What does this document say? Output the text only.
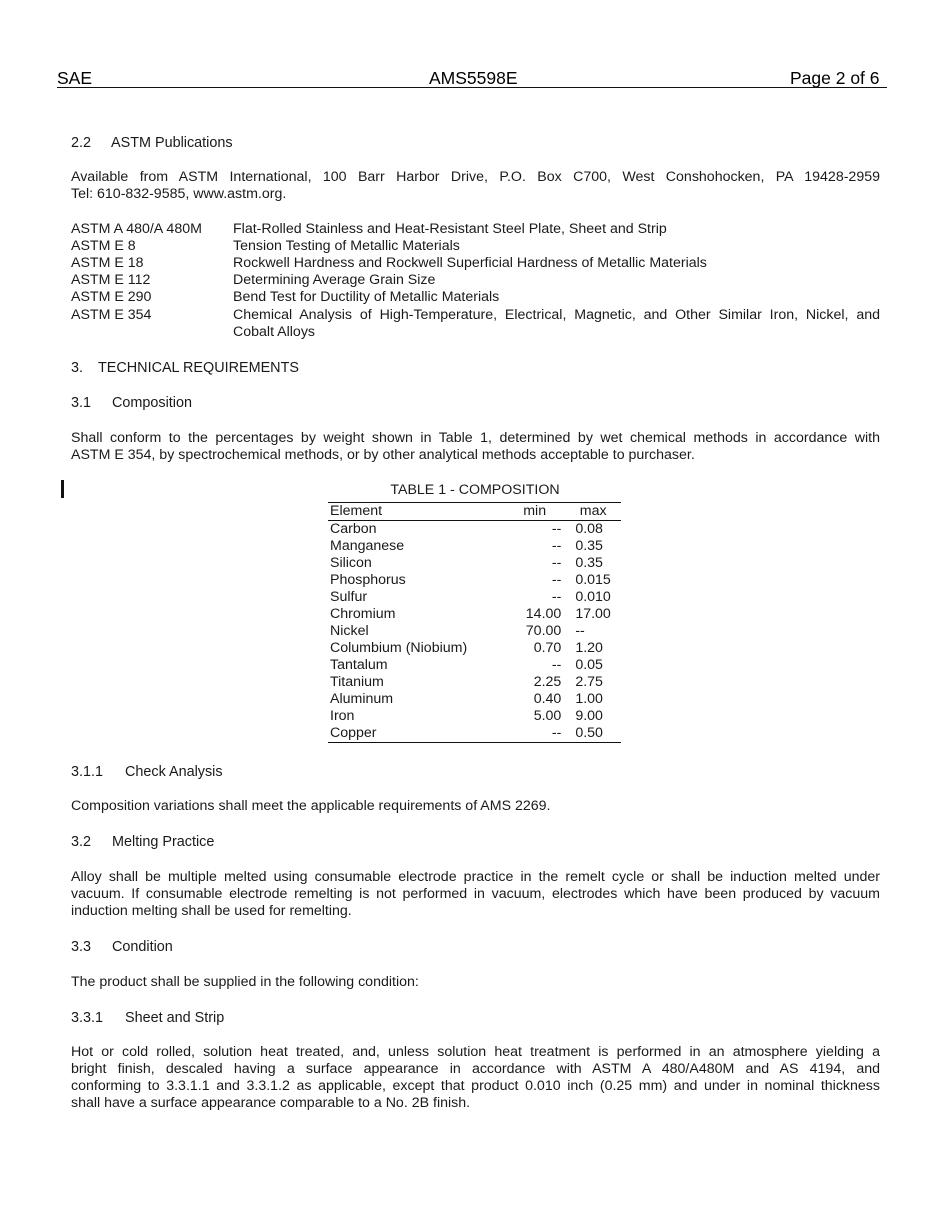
SAE	AMS5598E	Page 2 of 6
2.2 ASTM Publications
Available from ASTM International, 100 Barr Harbor Drive, P.O. Box C700, West Conshohocken, PA 19428-2959
Tel: 610-832-9585, www.astm.org.
ASTM A 480/A 480M	Flat-Rolled Stainless and Heat-Resistant Steel Plate, Sheet and Strip
ASTM E 8	Tension Testing of Metallic Materials
ASTM E 18	Rockwell Hardness and Rockwell Superficial Hardness of Metallic Materials
ASTM E 112	Determining Average Grain Size
ASTM E 290	Bend Test for Ductility of Metallic Materials
ASTM E 354	Chemical Analysis of High-Temperature, Electrical, Magnetic, and Other Similar Iron, Nickel, and Cobalt Alloys
3. TECHNICAL REQUIREMENTS
3.1 Composition
Shall conform to the percentages by weight shown in Table 1, determined by wet chemical methods in accordance with
ASTM E 354, by spectrochemical methods, or by other analytical methods acceptable to purchaser.
TABLE 1 - COMPOSITION
Element	min	max
Carbon	--	0.08
Manganese	--	0.35
Silicon	--	0.35
Phosphorus	--	0.015
Sulfur	--	0.010
Chromium	14.00	17.00
Nickel	70.00	--
Columbium (Niobium)	0.70	1.20
Tantalum	--	0.05
Titanium	2.25	2.75
Aluminum	0.40	1.00
Iron	5.00	9.00
Copper	--	0.50
3.1.1 Check Analysis
Composition variations shall meet the applicable requirements of AMS 2269.
3.2 Melting Practice
Alloy shall be multiple melted using consumable electrode practice in the remelt cycle or shall be induction melted under
vacuum. If consumable electrode remelting is not performed in vacuum, electrodes which have been produced by vacuum
induction melting shall be used for remelting.
3.3 Condition
The product shall be supplied in the following condition:
3.3.1 Sheet and Strip
Hot or cold rolled, solution heat treated, and, unless solution heat treatment is performed in an atmosphere yielding a
bright finish, descaled having a surface appearance in accordance with ASTM A 480/A480M and AS 4194, and
conforming to 3.3.1.1 and 3.3.1.2 as applicable, except that product 0.010 inch (0.25 mm) and under in nominal thickness
shall have a surface appearance comparable to a No. 2B finish.
